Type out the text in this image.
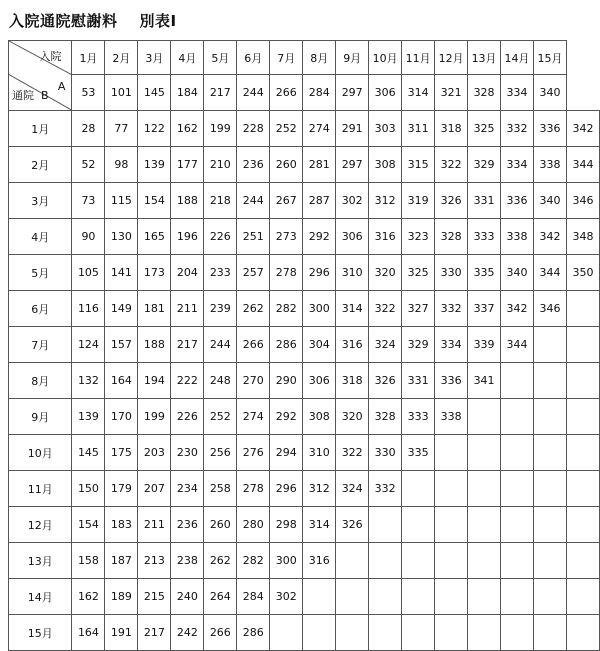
入院通院慰謝料 別表Ⅰ
入院
A
通院 B	1月	2月	3月	4月	5月	6月	7月	8月	9月	10月	11月	12月	13月	14月	15月	
	53	101	145	184	217	244	266	284	297	306	314	321	328	334	340	
1月	28	77	122	162	199	228	252	274	291	303	311	318	325	332	336	342
2月	52	98	139	177	210	236	260	281	297	308	315	322	329	334	338	344
3月	73	115	154	188	218	244	267	287	302	312	319	326	331	336	340	346
4月	90	130	165	196	226	251	273	292	306	316	323	328	333	338	342	348
5月	105	141	173	204	233	257	278	296	310	320	325	330	335	340	344	350
6月	116	149	181	211	239	262	282	300	314	322	327	332	337	342	346	
7月	124	157	188	217	244	266	286	304	316	324	329	334	339	344		
8月	132	164	194	222	248	270	290	306	318	326	331	336	341			
9月	139	170	199	226	252	274	292	308	320	328	333	338				
10月	145	175	203	230	256	276	294	310	322	330	335					
11月	150	179	207	234	258	278	296	312	324	332						
12月	154	183	211	236	260	280	298	314	326							
13月	158	187	213	238	262	282	300	316								
14月	162	189	215	240	264	284	302									
15月	164	191	217	242	266	286										
